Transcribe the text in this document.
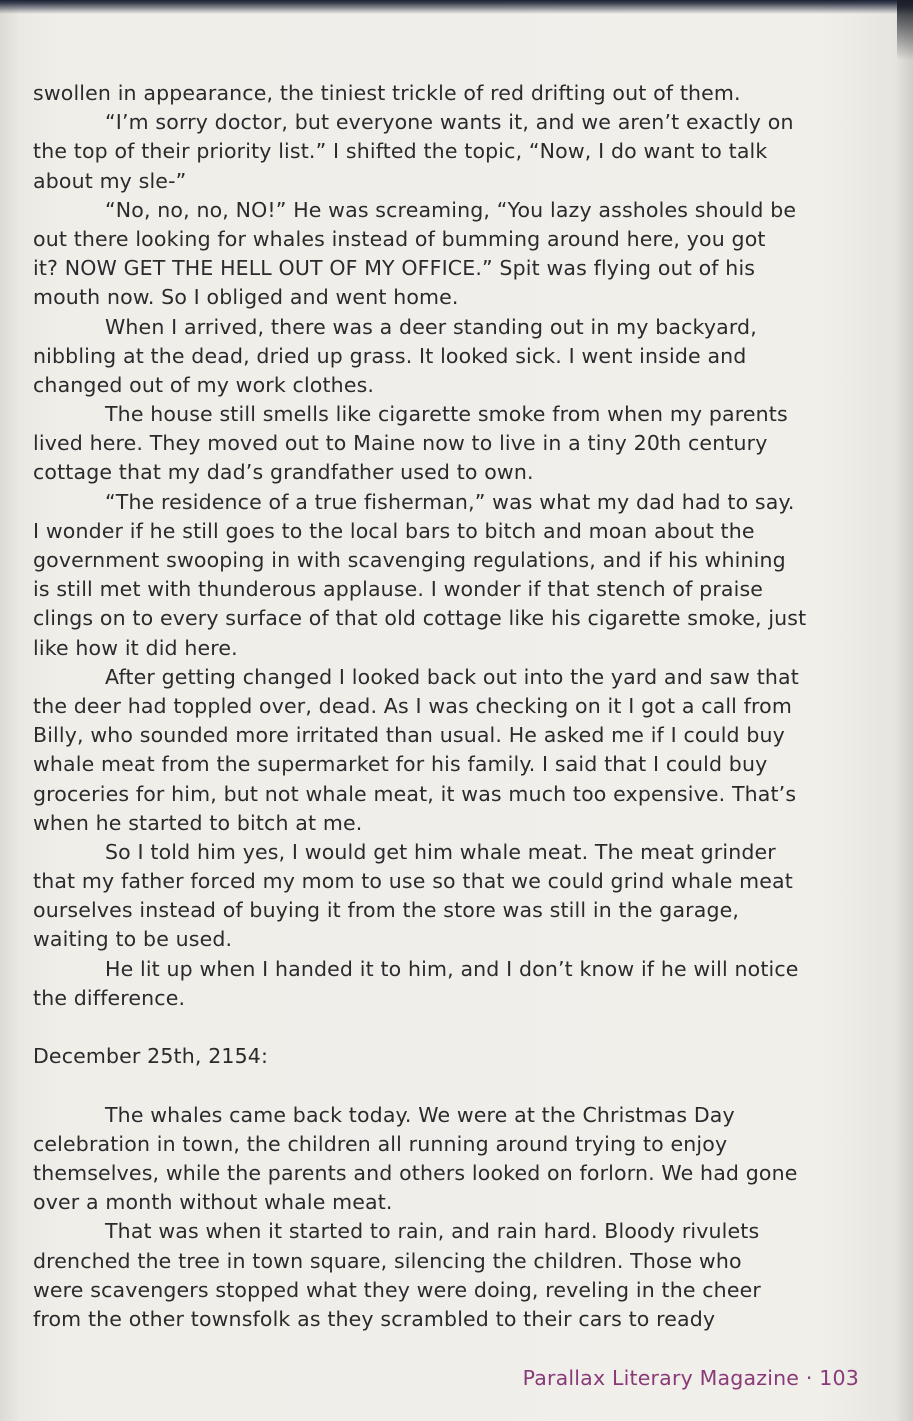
swollen in appearance, the tiniest trickle of red drifting out of them.
“I’m sorry doctor, but everyone wants it, and we aren’t exactly on
the top of their priority list.” I shifted the topic, “Now, I do want to talk
about my sle-”
“No, no, no, NO!” He was screaming, “You lazy assholes should be
out there looking for whales instead of bumming around here, you got
it? NOW GET THE HELL OUT OF MY OFFICE.” Spit was flying out of his
mouth now. So I obliged and went home.
When I arrived, there was a deer standing out in my backyard,
nibbling at the dead, dried up grass. It looked sick. I went inside and
changed out of my work clothes.
The house still smells like cigarette smoke from when my parents
lived here. They moved out to Maine now to live in a tiny 20th century
cottage that my dad’s grandfather used to own.
“The residence of a true fisherman,” was what my dad had to say.
I wonder if he still goes to the local bars to bitch and moan about the
government swooping in with scavenging regulations, and if his whining
is still met with thunderous applause. I wonder if that stench of praise
clings on to every surface of that old cottage like his cigarette smoke, just
like how it did here.
After getting changed I looked back out into the yard and saw that
the deer had toppled over, dead. As I was checking on it I got a call from
Billy, who sounded more irritated than usual. He asked me if I could buy
whale meat from the supermarket for his family. I said that I could buy
groceries for him, but not whale meat, it was much too expensive. That’s
when he started to bitch at me.
So I told him yes, I would get him whale meat. The meat grinder
that my father forced my mom to use so that we could grind whale meat
ourselves instead of buying it from the store was still in the garage,
waiting to be used.
He lit up when I handed it to him, and I don’t know if he will notice
the difference.
December 25th, 2154:
The whales came back today. We were at the Christmas Day
celebration in town, the children all running around trying to enjoy
themselves, while the parents and others looked on forlorn. We had gone
over a month without whale meat.
That was when it started to rain, and rain hard. Bloody rivulets
drenched the tree in town square, silencing the children. Those who
were scavengers stopped what they were doing, reveling in the cheer
from the other townsfolk as they scrambled to their cars to ready
Parallax Literary Magazine · 103
